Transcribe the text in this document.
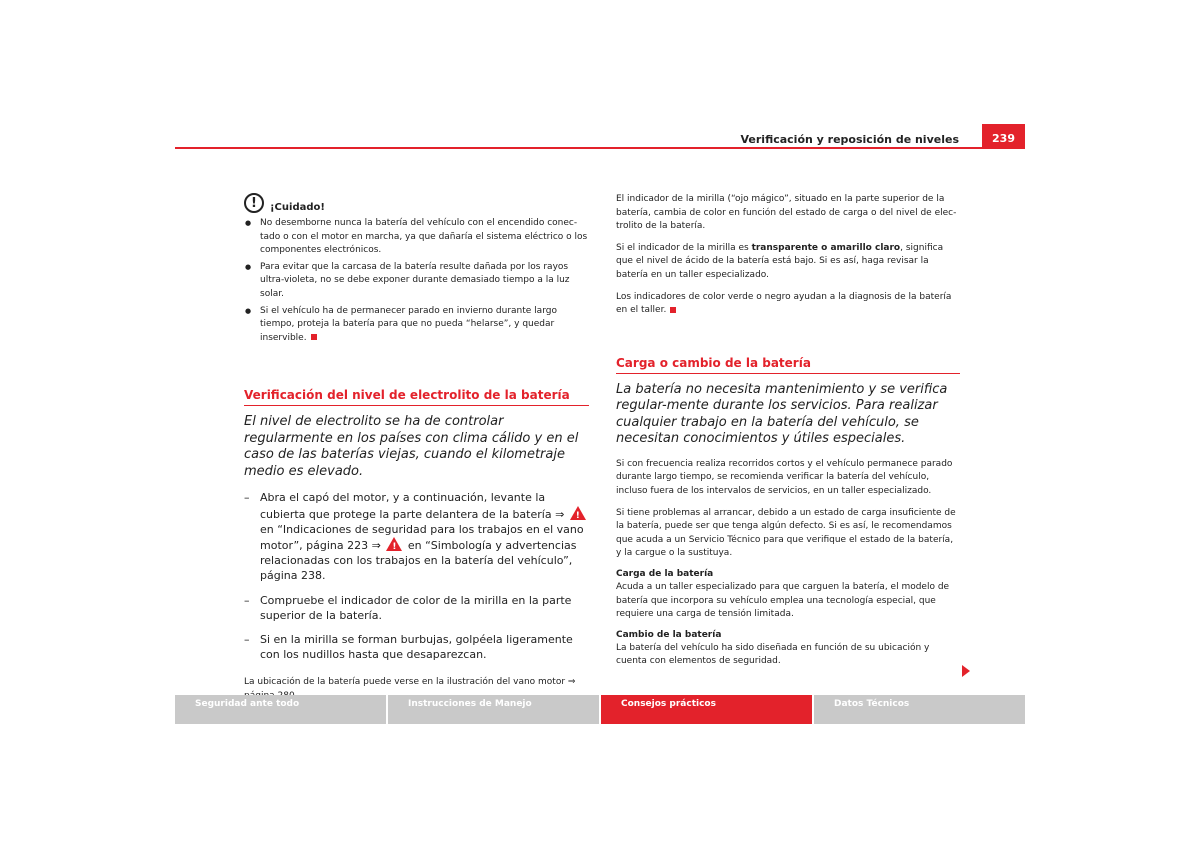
Verificación y reposición de niveles	239
!	¡Cuidado!

● No desemborne nunca la batería del vehículo con el encendido conec-tado o con el motor en marcha, ya que dañaría el sistema eléctrico o los componentes electrónicos.

● Para evitar que la carcasa de la batería resulte dañada por los rayos ultra-violeta, no se debe exponer durante demasiado tiempo a la luz solar.

● Si el vehículo ha de permanecer parado en invierno durante largo tiempo, proteja la batería para que no pueda “helarse”, y quedar inservible.

Verificación del nivel de electrolito de la batería

El nivel de electrolito se ha de controlar regularmente en los países con clima cálido y en el caso de las baterías viejas, cuando el kilometraje medio es elevado.

– Abra el capó del motor, y a continuación, levante la cubierta que protege la parte delantera de la batería ⇒ ! en “Indicaciones de seguridad para los trabajos en el vano motor”, página 223 ⇒ ! en “Simbología y advertencias relacionadas con los trabajos en la batería del vehículo”, página 238.

– Compruebe el indicador de color de la mirilla en la parte superior de la batería.

– Si en la mirilla se forman burbujas, golpéela ligeramente con los nudillos hasta que desaparezcan.

La ubicación de la batería puede verse en la ilustración del vano motor ⇒

El indicador de la mirilla (“ojo mágico”, situado en la parte superior de la batería, cambia de color en función del estado de carga o del nivel de elec-trolito de la batería.

Si el indicador de la mirilla es transparente o amarillo claro, significa que el nivel de ácido de la batería está bajo. Si es así, haga revisar la batería en un taller especializado.

Los indicadores de color verde o negro ayudan a la diagnosis de la batería en el taller.

Carga o cambio de la batería

La batería no necesita mantenimiento y se verifica regular-mente durante los servicios. Para realizar cualquier trabajo en la batería del vehículo, se necesitan conocimientos y útiles especiales.

Si con frecuencia realiza recorridos cortos y el vehículo permanece parado durante largo tiempo, se recomienda verificar la batería del vehículo, incluso fuera de los intervalos de servicios, en un taller especializado.

Si tiene problemas al arrancar, debido a un estado de carga insuficiente de la batería, puede ser que tenga algún defecto. Si es así, le recomendamos que acuda a un Servicio Técnico para que verifique el estado de la batería, y la cargue o la sustituya.

Carga de la batería

Acuda a un taller especializado para que carguen la batería, el modelo de batería que incorpora su vehículo emplea una tecnología especial, que requiere una carga de tensión limitada.

Cambio de la batería

La batería del vehículo ha sido diseñada en función de su ubicación y cuenta con elementos de seguridad.

Seguridad ante todo	Instrucciones de Manejo	Consejos prácticos	Datos Técnicos
